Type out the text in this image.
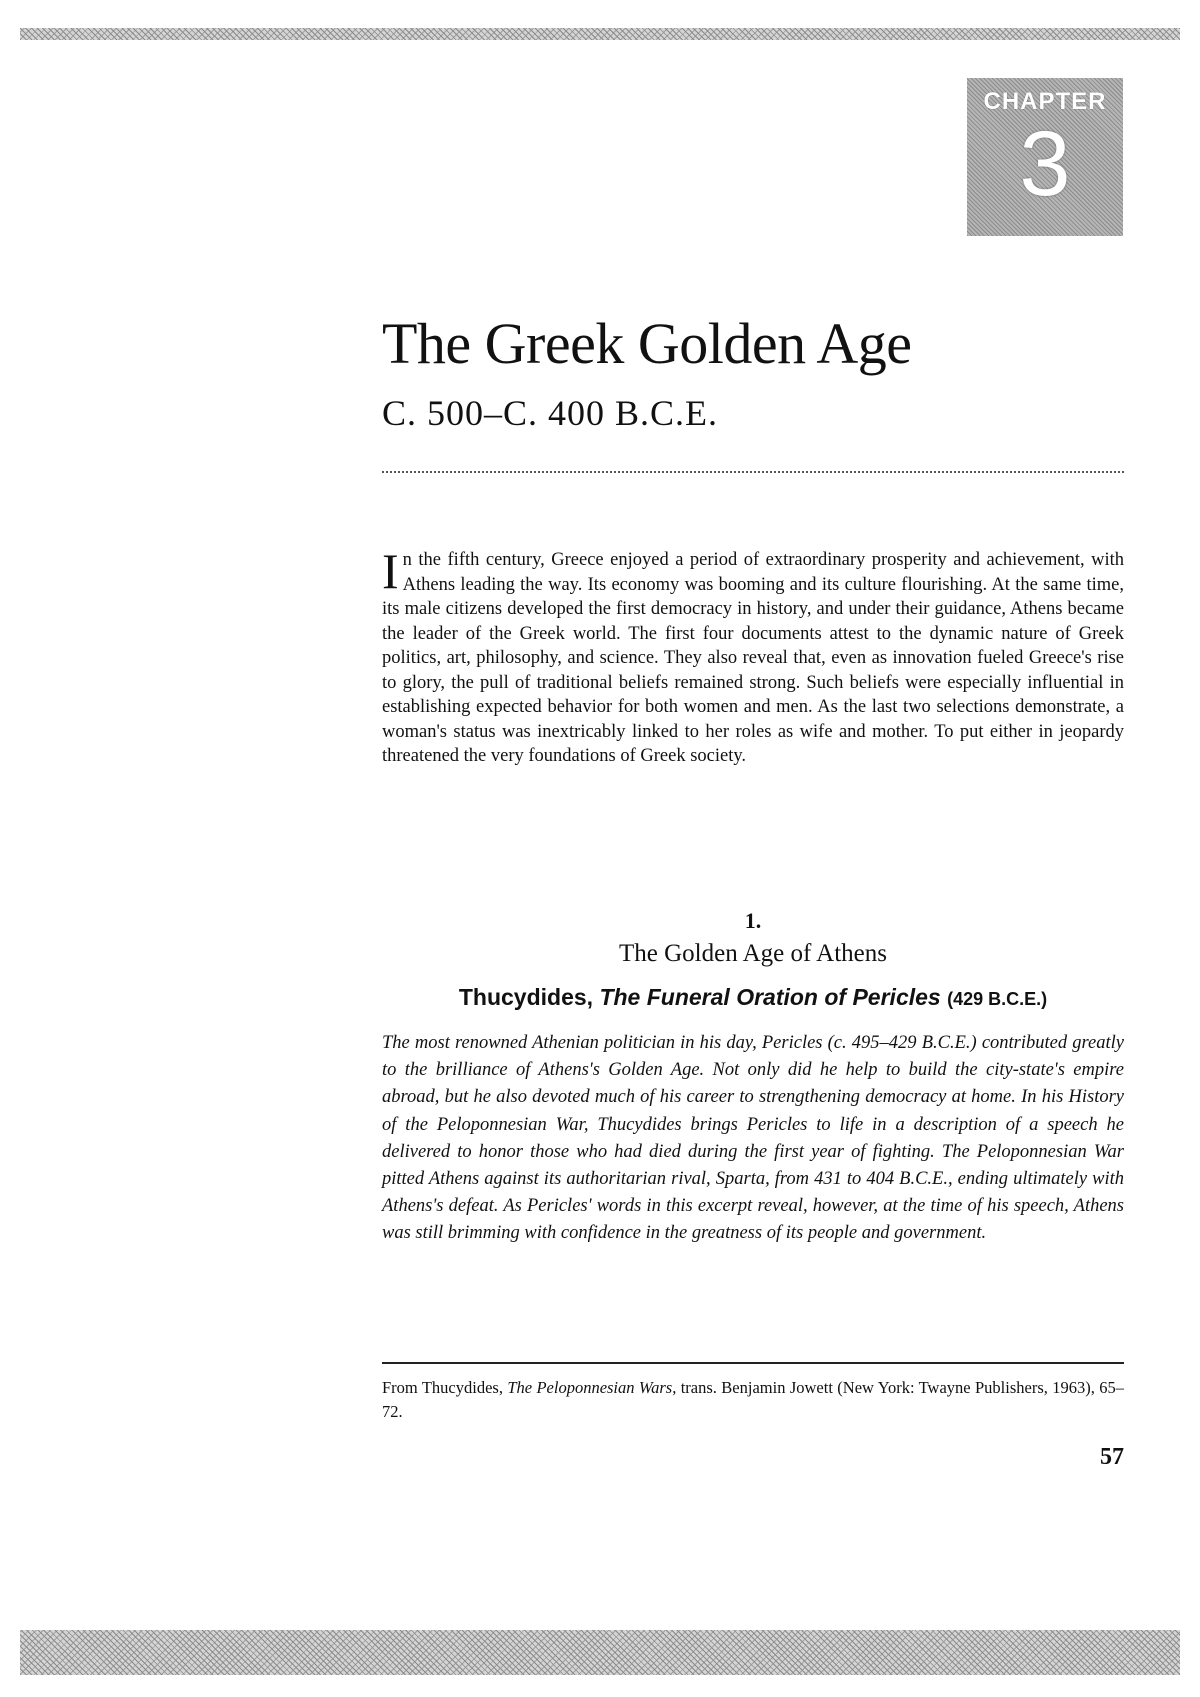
CHAPTER
3
The Greek Golden Age
C. 500–C. 400 B.C.E.

In the fifth century, Greece enjoyed a period of extraordinary prosperity and achievement, with Athens leading the way. Its economy was booming and its culture flourishing. At the same time, its male citizens developed the first democracy in history, and under their guidance, Athens became the leader of the Greek world. The first four documents attest to the dynamic nature of Greek politics, art, philosophy, and science. They also reveal that, even as innovation fueled Greece's rise to glory, the pull of traditional beliefs remained strong. Such beliefs were especially influential in establishing expected behavior for both women and men. As the last two selections demonstrate, a woman's status was inextricably linked to her roles as wife and mother. To put either in jeopardy threatened the very foundations of Greek society.

1.
The Golden Age of Athens
Thucydides, The Funeral Oration of Pericles (429 B.C.E.)

The most renowned Athenian politician in his day, Pericles (c. 495–429 B.C.E.) contributed greatly to the brilliance of Athens's Golden Age. Not only did he help to build the city-state's empire abroad, but he also devoted much of his career to strengthening democracy at home. In his History of the Peloponnesian War, Thucydides brings Pericles to life in a description of a speech he delivered to honor those who had died during the first year of fighting. The Peloponnesian War pitted Athens against its authoritarian rival, Sparta, from 431 to 404 B.C.E., ending ultimately with Athens's defeat. As Pericles' words in this excerpt reveal, however, at the time of his speech, Athens was still brimming with confidence in the greatness of its people and government.

From Thucydides, The Peloponnesian Wars, trans. Benjamin Jowett (New York: Twayne Publishers, 1963), 65–72.

57
